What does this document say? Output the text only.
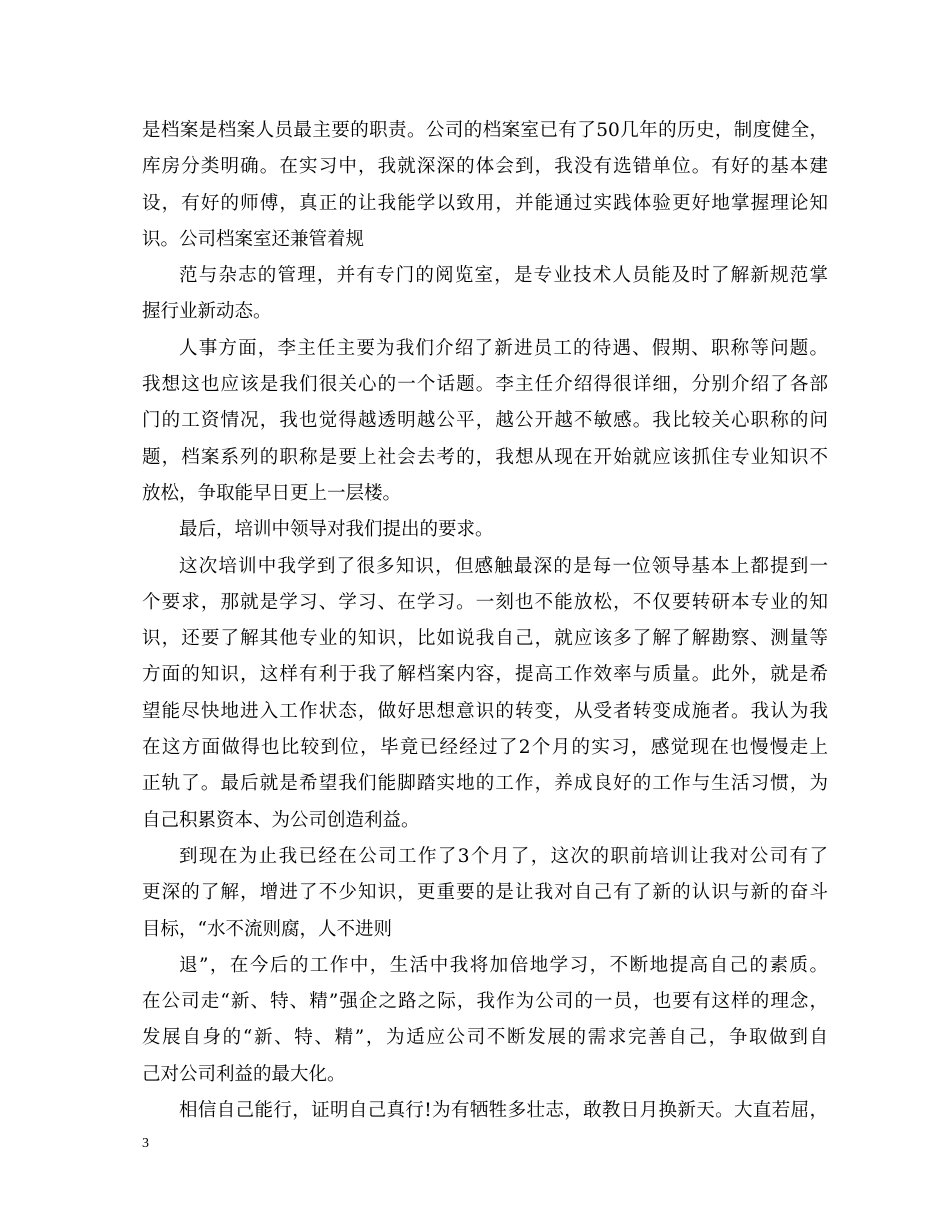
是档案是档案人员最主要的职责。公司的档案室已有了50几年的历史，制度健全，
库房分类明确。在实习中，我就深深的体会到，我没有选错单位。有好的基本建
设，有好的师傅，真正的让我能学以致用，并能通过实践体验更好地掌握理论知
识。公司档案室还兼管着规
范与杂志的管理，并有专门的阅览室，是专业技术人员能及时了解新规范掌
握行业新动态。
人事方面，李主任主要为我们介绍了新进员工的待遇、假期、职称等问题。
我想这也应该是我们很关心的一个话题。李主任介绍得很详细，分别介绍了各部
门的工资情况，我也觉得越透明越公平，越公开越不敏感。我比较关心职称的问
题，档案系列的职称是要上社会去考的，我想从现在开始就应该抓住专业知识不
放松，争取能早日更上一层楼。
最后，培训中领导对我们提出的要求。
这次培训中我学到了很多知识，但感触最深的是每一位领导基本上都提到一
个要求，那就是学习、学习、在学习。一刻也不能放松，不仅要转研本专业的知
识，还要了解其他专业的知识，比如说我自己，就应该多了解了解勘察、测量等
方面的知识，这样有利于我了解档案内容，提高工作效率与质量。此外，就是希
望能尽快地进入工作状态，做好思想意识的转变，从受者转变成施者。我认为我
在这方面做得也比较到位，毕竟已经经过了2个月的实习，感觉现在也慢慢走上
正轨了。最后就是希望我们能脚踏实地的工作，养成良好的工作与生活习惯，为
自己积累资本、为公司创造利益。
到现在为止我已经在公司工作了3个月了，这次的职前培训让我对公司有了
更深的了解，增进了不少知识，更重要的是让我对自己有了新的认识与新的奋斗
目标，“水不流则腐，人不进则
退”，在今后的工作中，生活中我将加倍地学习，不断地提高自己的素质。
在公司走“新、特、精”强企之路之际，我作为公司的一员，也要有这样的理念，
发展自身的“新、特、精”，为适应公司不断发展的需求完善自己，争取做到自
己对公司利益的最大化。
相信自己能行，证明自己真行!为有牺牲多壮志，敢教日月换新天。大直若屈，
3
